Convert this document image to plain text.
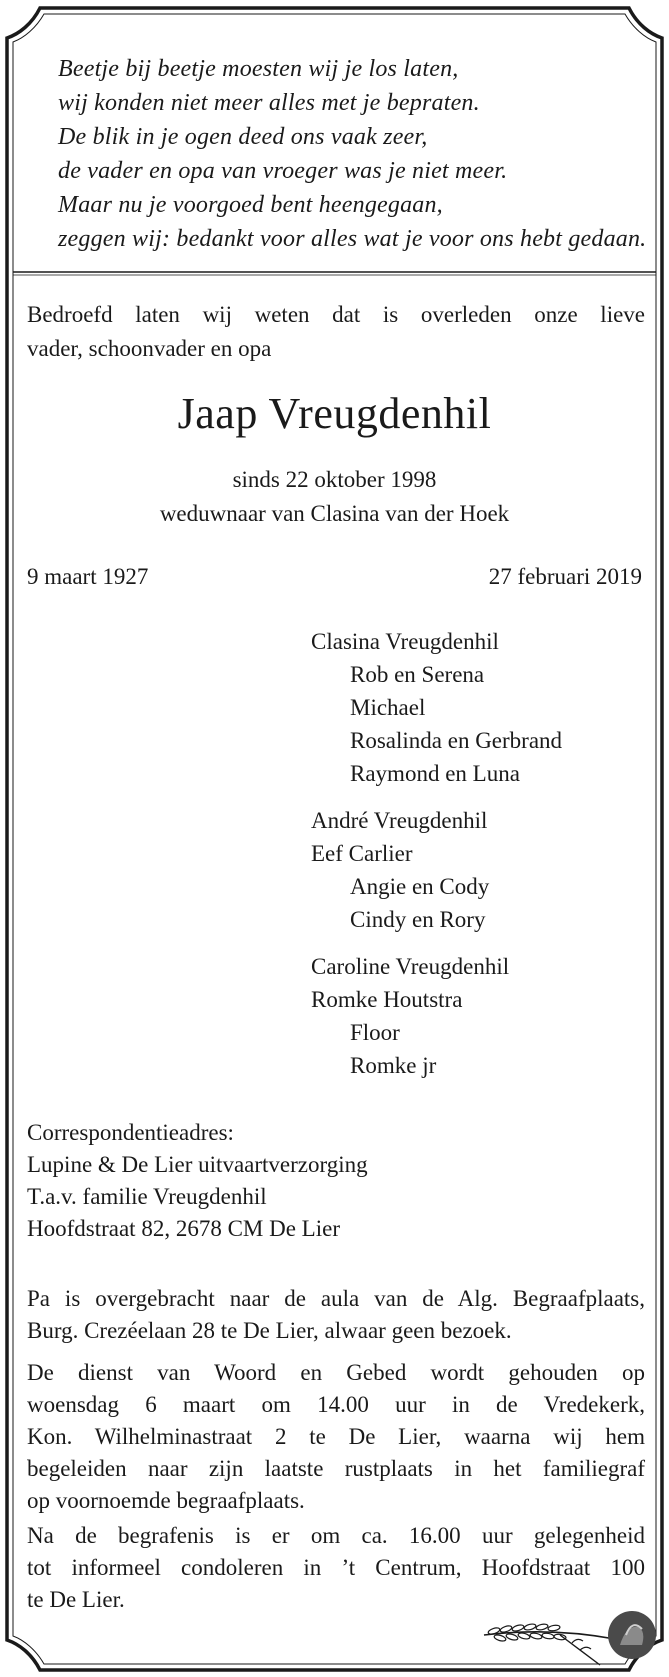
Beetje bij beetje moesten wij je los laten,
wij konden niet meer alles met je bepraten.
De blik in je ogen deed ons vaak zeer,
de vader en opa van vroeger was je niet meer.
Maar nu je voorgoed bent heengegaan,
zeggen wij: bedankt voor alles wat je voor ons hebt gedaan.
Bedroefd laten wij weten dat is overleden onze lieve
vader, schoonvader en opa
Jaap Vreugdenhil
sinds 22 oktober 1998
weduwnaar van Clasina van der Hoek
9 maart 1927	27 februari 2019
Clasina Vreugdenhil
Rob en Serena
Michael
Rosalinda en Gerbrand
Raymond en Luna
André Vreugdenhil
Eef Carlier
Angie en Cody
Cindy en Rory
Caroline Vreugdenhil
Romke Houtstra
Floor
Romke jr
Correspondentieadres:
Lupine & De Lier uitvaartverzorging
T.a.v. familie Vreugdenhil
Hoofdstraat 82, 2678 CM De Lier
Pa is overgebracht naar de aula van de Alg. Begraafplaats,
Burg. Crezéelaan 28 te De Lier, alwaar geen bezoek.
De dienst van Woord en Gebed wordt gehouden op
woensdag 6 maart om 14.00 uur in de Vredekerk,
Kon. Wilhelminastraat 2 te De Lier, waarna wij hem
begeleiden naar zijn laatste rustplaats in het familiegraf
op voornoemde begraafplaats.
Na de begrafenis is er om ca. 16.00 uur gelegenheid
tot informeel condoleren in ’t Centrum, Hoofdstraat 100
te De Lier.
